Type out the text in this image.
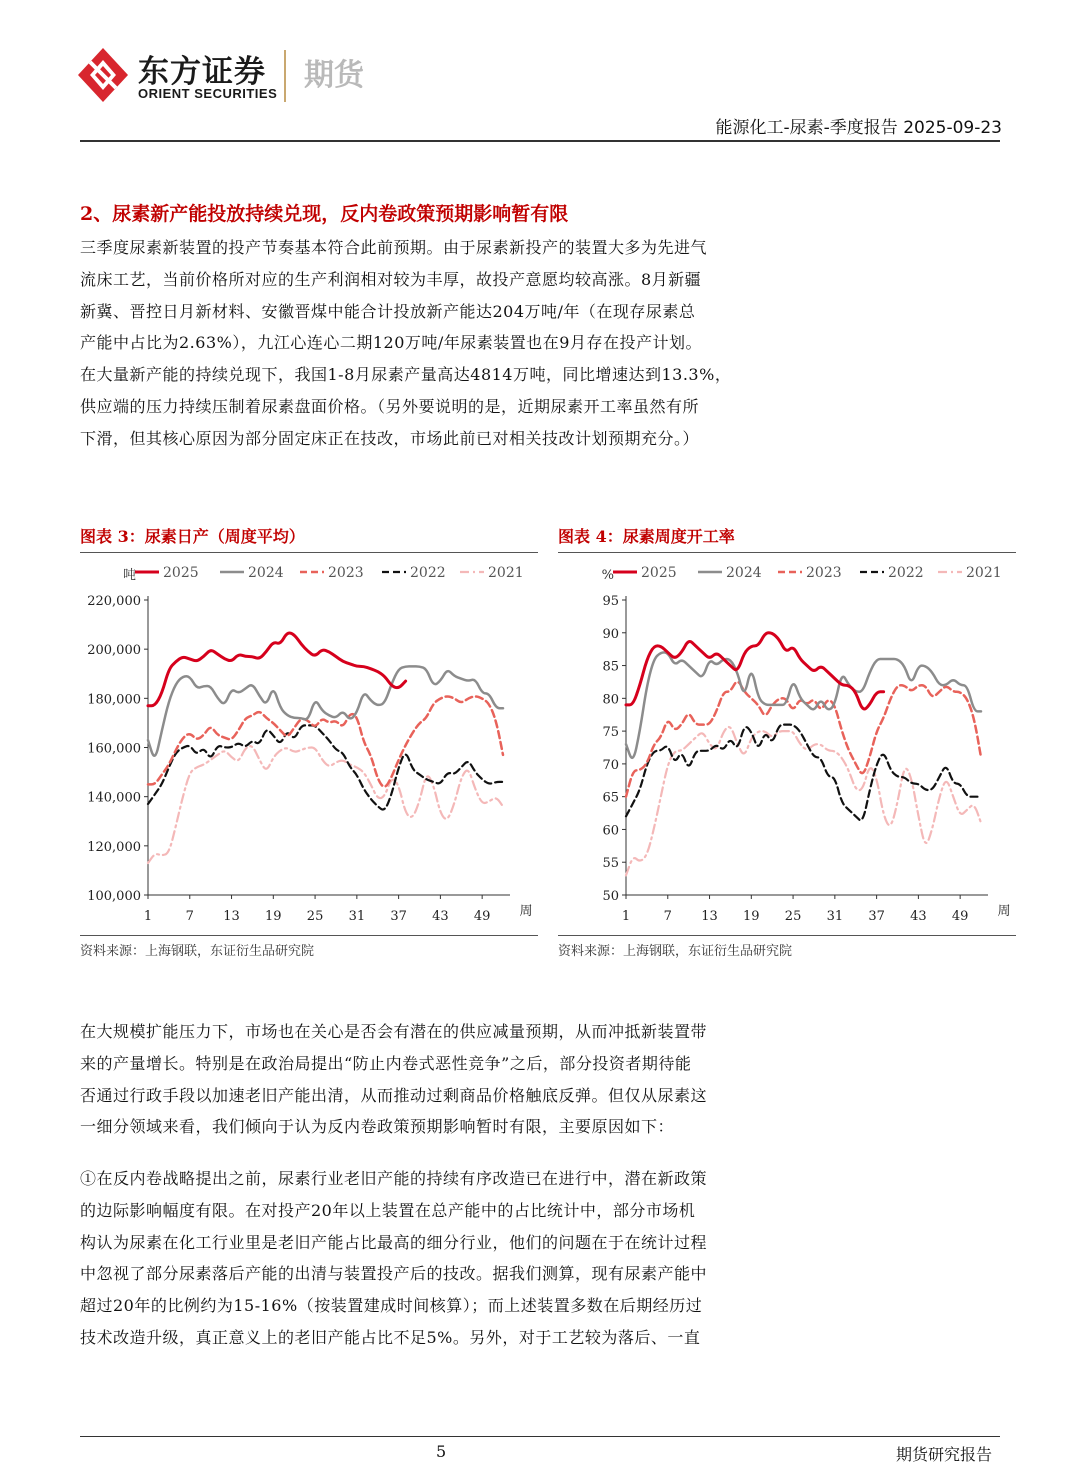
东方证券
ORIENT SECURITIES
期货
能源化工-尿素-季度报告 2025-09-23
2、尿素新产能投放持续兑现，反内卷政策预期影响暂有限
三季度尿素新装置的投产节奏基本符合此前预期。由于尿素新投产的装置大多为先进气
流床工艺，当前价格所对应的生产利润相对较为丰厚，故投产意愿均较高涨。8月新疆
新冀、晋控日月新材料、安徽晋煤中能合计投放新产能达204万吨/年（在现存尿素总
产能中占比为2.63%），九江心连心二期120万吨/年尿素装置也在9月存在投产计划。
在大量新产能的持续兑现下，我国1-8月尿素产量高达4814万吨，同比增速达到13.3%，
供应端的压力持续压制着尿素盘面价格。（另外要说明的是，近期尿素开工率虽然有所
下滑，但其核心原因为部分固定床正在技改，市场此前已对相关技改计划预期充分。）
图表 3：尿素日产（周度平均）
2025	2024	2023	2022	2021
吨
100,000
120,000
140,000
160,000
180,000
200,000
220,000
1	7 13 19 25 31 37 43 49 周
资料来源：上海钢联，东证衍生品研究院
图表 4：尿素周度开工率
2025	2024	2023	2022	2021
%
50
55
60
65
70
75
80
85
90
95
1	7 13 19 25 31 37 43 49 周
资料来源：上海钢联，东证衍生品研究院
在大规模扩能压力下，市场也在关心是否会有潜在的供应减量预期，从而冲抵新装置带
来的产量增长。特别是在政治局提出“防止内卷式恶性竞争”之后，部分投资者期待能
否通过行政手段以加速老旧产能出清，从而推动过剩商品价格触底反弹。但仅从尿素这
一细分领域来看，我们倾向于认为反内卷政策预期影响暂时有限，主要原因如下：
①在反内卷战略提出之前，尿素行业老旧产能的持续有序改造已在进行中，潜在新政策
的边际影响幅度有限。在对投产20年以上装置在总产能中的占比统计中，部分市场机
构认为尿素在化工行业里是老旧产能占比最高的细分行业，他们的问题在于在统计过程
中忽视了部分尿素落后产能的出清与装置投产后的技改。据我们测算，现有尿素产能中
超过20年的比例约为15-16%（按装置建成时间核算）；而上述装置多数在后期经历过
技术改造升级，真正意义上的老旧产能占比不足5%。另外，对于工艺较为落后、一直
5	期货研究报告
